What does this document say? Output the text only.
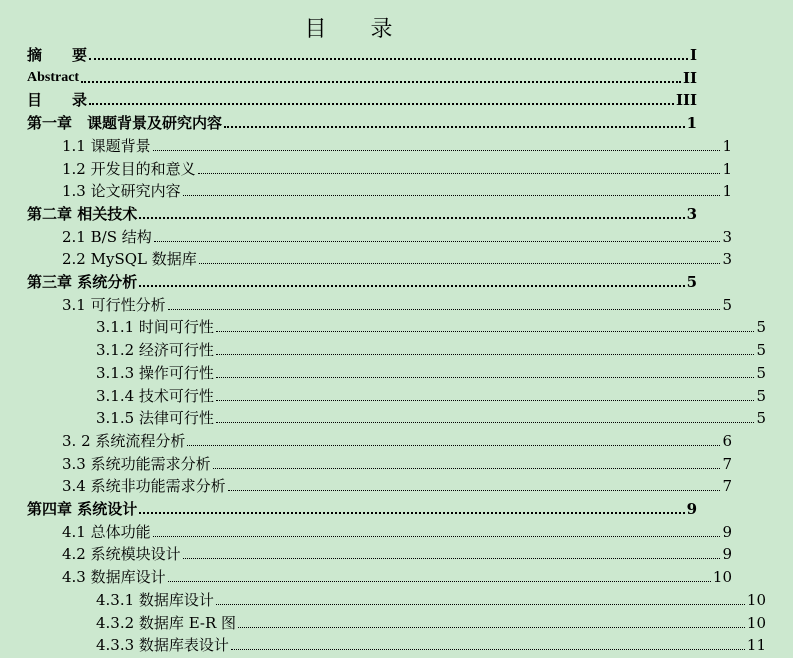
目　　录
摘　　要	I
Abstract	II
目　　录	III
第一章　课题背景及研究内容	1
1.1 课题背景	1
1.2 开发目的和意义	1
1.3 论文研究内容	1
第二章 相关技术	3
2.1 B/S 结构	3
2.2 MySQL 数据库	3
第三章 系统分析	5
3.1 可行性分析	5
3.1.1 时间可行性	5
3.1.2 经济可行性	5
3.1.3 操作可行性	5
3.1.4 技术可行性	5
3.1.5 法律可行性	5
3. 2 系统流程分析	6
3.3 系统功能需求分析	7
3.4 系统非功能需求分析	7
第四章 系统设计	9
4.1 总体功能	9
4.2 系统模块设计	9
4.3 数据库设计	10
4.3.1 数据库设计	10
4.3.2 数据库 E-R 图	10
4.3.3 数据库表设计	11
